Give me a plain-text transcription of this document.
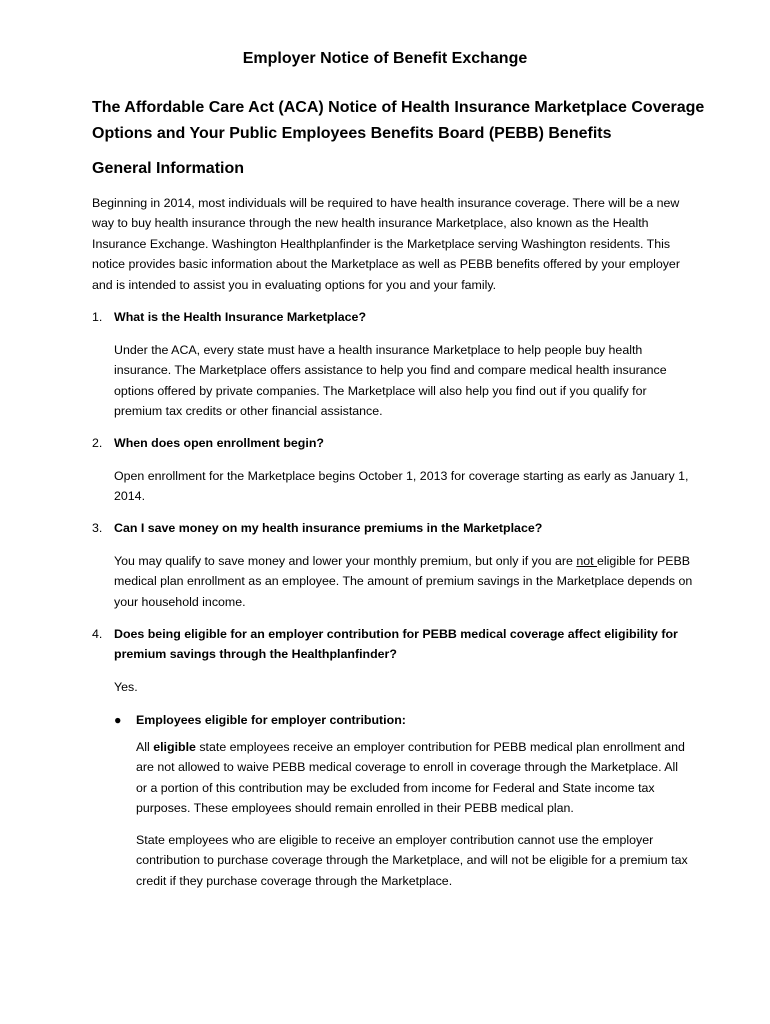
Employer Notice of Benefit Exchange
The Affordable Care Act (ACA) Notice of Health Insurance Marketplace Coverage Options and Your Public Employees Benefits Board (PEBB) Benefits
General Information

Beginning in 2014, most individuals will be required to have health insurance coverage. There will be a new way to buy health insurance through the new health insurance Marketplace, also known as the Health Insurance Exchange. Washington Healthplanfinder is the Marketplace serving Washington residents. This notice provides basic information about the Marketplace as well as PEBB benefits offered by your employer and is intended to assist you in evaluating options for you and your family.

1. What is the Health Insurance Marketplace?

Under the ACA, every state must have a health insurance Marketplace to help people buy health insurance. The Marketplace offers assistance to help you find and compare medical health insurance options offered by private companies. The Marketplace will also help you find out if you qualify for premium tax credits or other financial assistance.

2. When does open enrollment begin?

Open enrollment for the Marketplace begins October 1, 2013 for coverage starting as early as January 1, 2014.

3. Can I save money on my health insurance premiums in the Marketplace?

You may qualify to save money and lower your monthly premium, but only if you are not eligible for PEBB medical plan enrollment as an employee. The amount of premium savings in the Marketplace depends on your household income.

4. Does being eligible for an employer contribution for PEBB medical coverage affect eligibility for premium savings through the Healthplanfinder?

Yes.

● Employees eligible for employer contribution:

All eligible state employees receive an employer contribution for PEBB medical plan enrollment and are not allowed to waive PEBB medical coverage to enroll in coverage through the Marketplace. All or a portion of this contribution may be excluded from income for Federal and State income tax purposes. These employees should remain enrolled in their PEBB medical plan.

State employees who are eligible to receive an employer contribution cannot use the employer contribution to purchase coverage through the Marketplace, and will not be eligible for a premium tax credit if they purchase coverage through the Marketplace.
